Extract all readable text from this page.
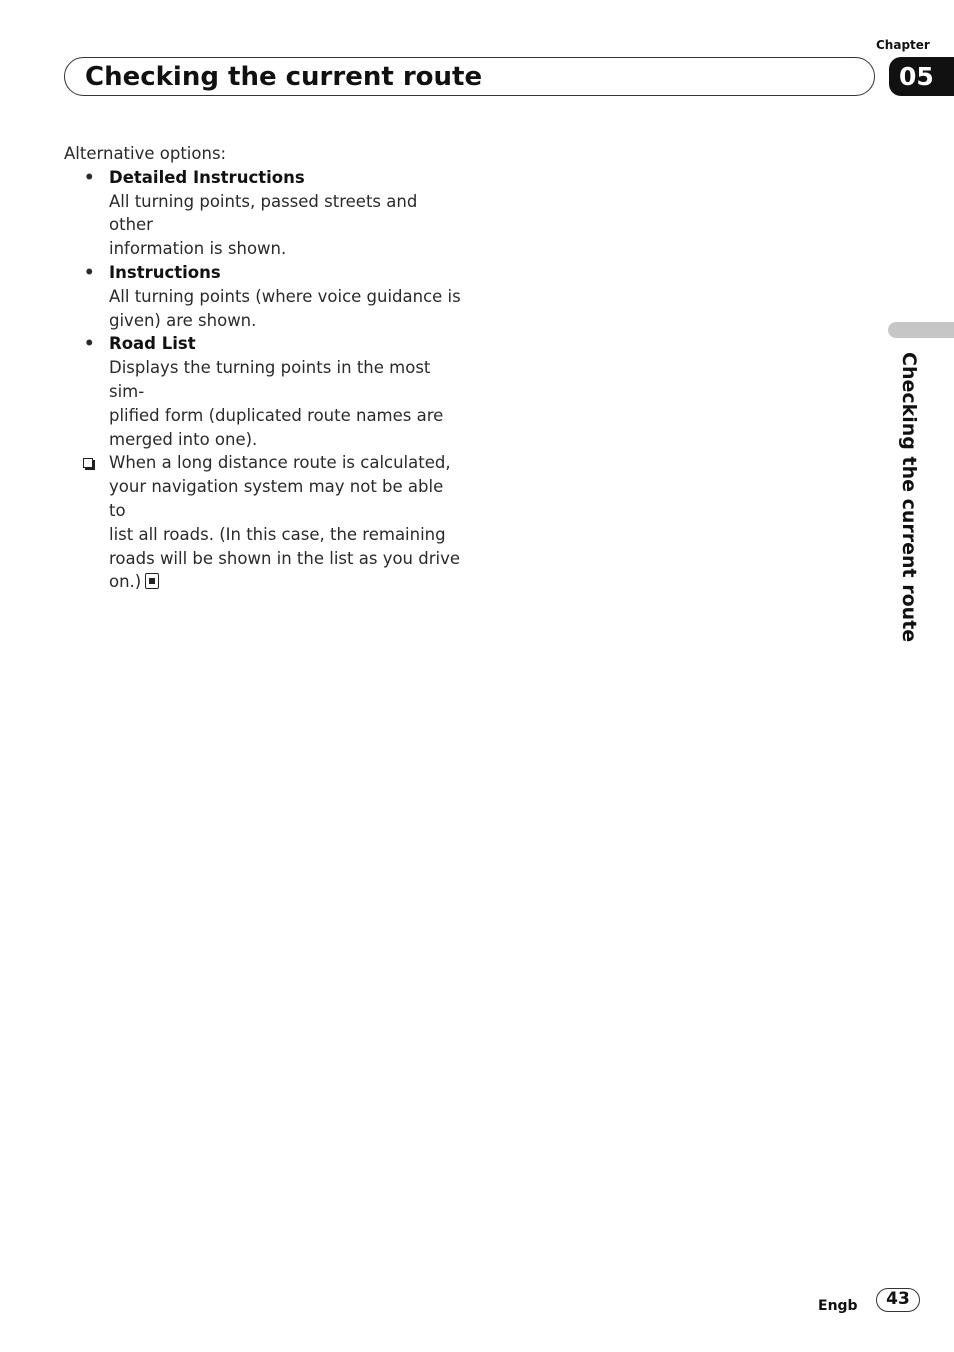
Chapter
05
Checking the current route

Alternative options:

• Detailed Instructions
All turning points, passed streets and other
information is shown.
• Instructions
All turning points (where voice guidance is
given) are shown.
• Road List
Displays the turning points in the most sim-
plified form (duplicated route names are
merged into one).
When a long distance route is calculated,
your navigation system may not be able to
list all roads. (In this case, the remaining
roads will be shown in the list as you drive
on.)	Checking the current route
Engb	43
